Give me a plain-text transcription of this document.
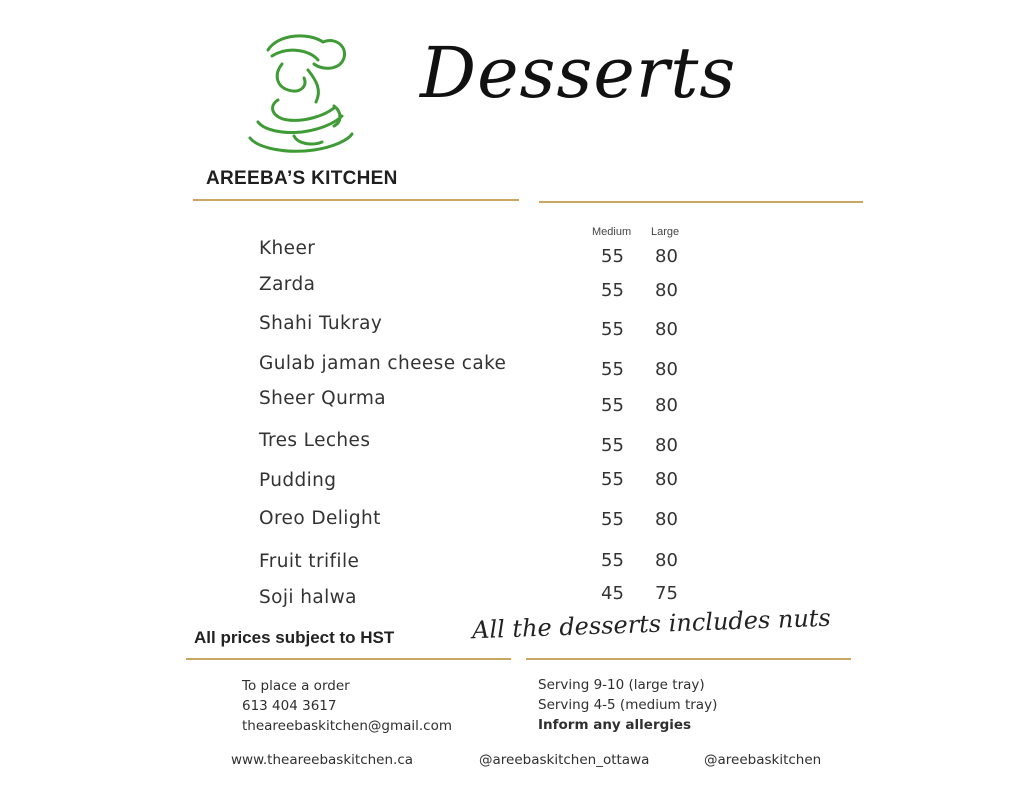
AREEBA’S KITCHEN
Desserts
Medium Large
Kheer	55 80
Zarda	55 80
Shahi Tukray	55 80
Gulab jaman cheese cake	55 80
Sheer Qurma	55 80
Tres Leches	55 80
Pudding	55 80
Oreo Delight	55 80
Fruit trifile	55 80
Soji halwa	45 75
All prices subject to HST	All the desserts includes nuts
To place a order
613 404 3617
theareebaskitchen@gmail.com
Serving 9-10 (large tray)
Serving 4-5 (medium tray)
Inform any allergies
www.theareebaskitchen.ca	@areebaskitchen_ottawa	@areebaskitchen
